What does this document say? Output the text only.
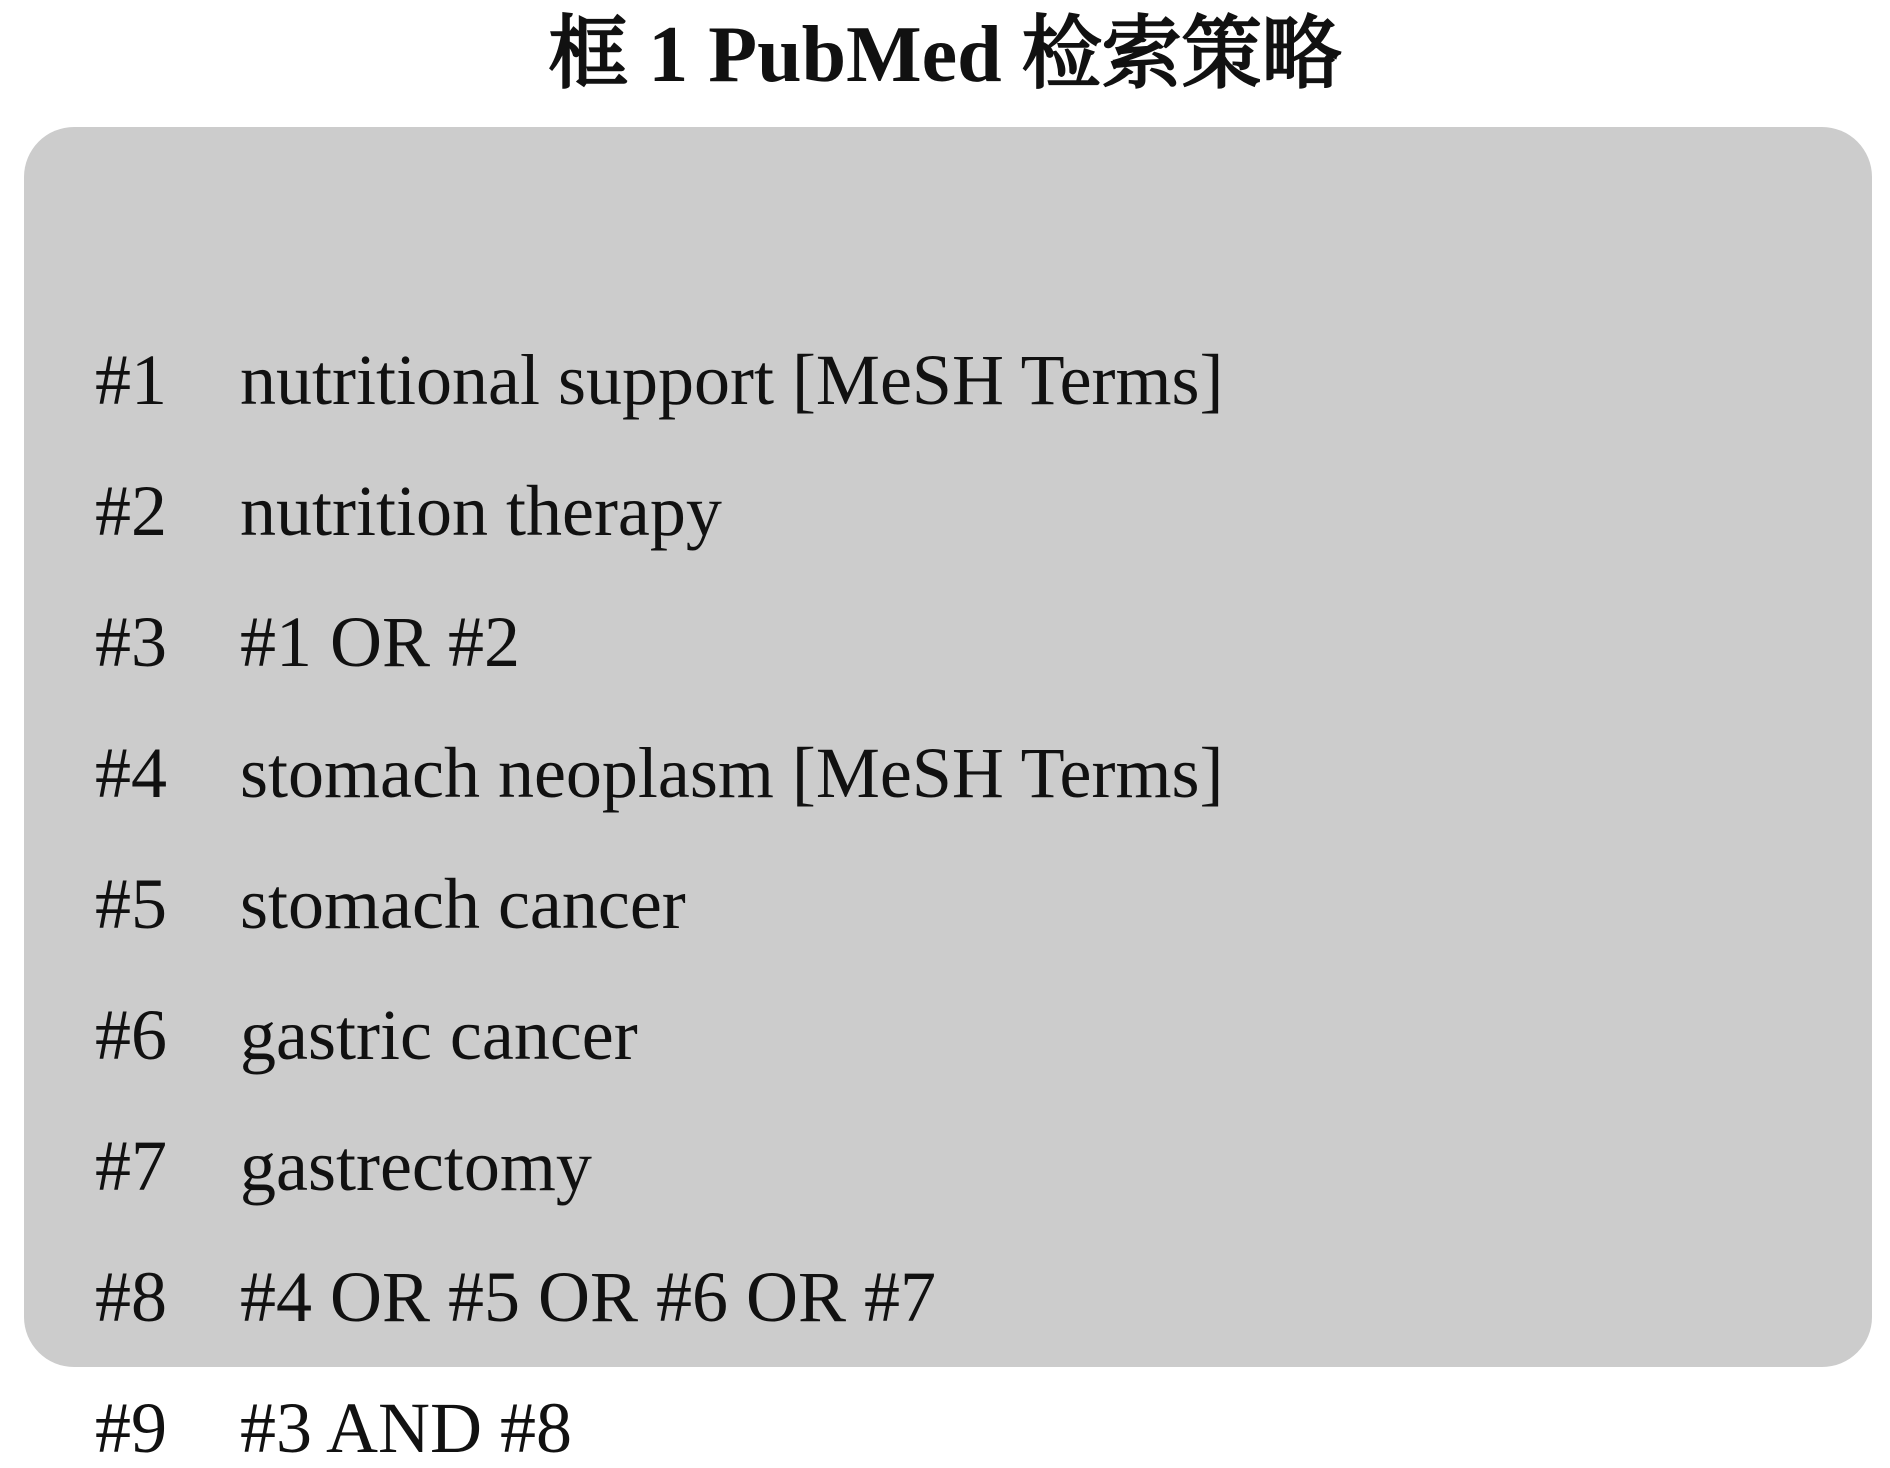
框 1 PubMed 检索策略
#1 nutritional support [MeSH Terms]
#2 nutrition therapy
#3 #1 OR #2
#4 stomach neoplasm [MeSH Terms]
#5 stomach cancer
#6 gastric cancer
#7 gastrectomy
#8 #4 OR #5 OR #6 OR #7
#9 #3 AND #8
